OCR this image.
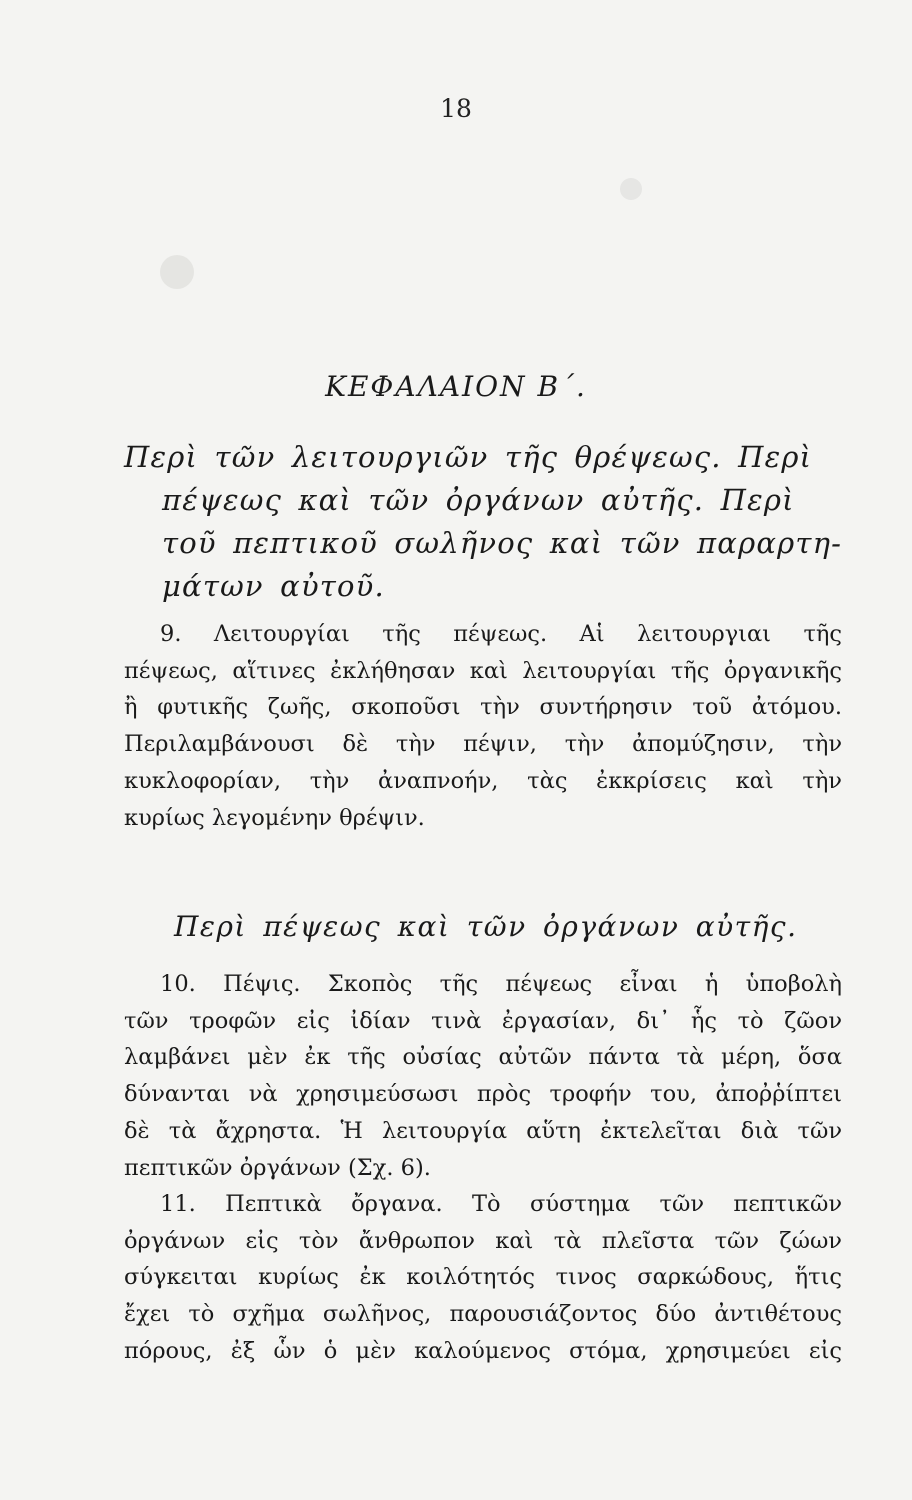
18
ΚΕΦΑΛΑΙΟΝ Β΄.
Περὶ τῶν λειτουργιῶν τῆς θρέψεως. Περὶ
πέψεως καὶ τῶν ὀργάνων αὐτῆς. Περὶ
τοῦ πεπτικοῦ σωλῆνος καὶ τῶν παραρτη-
μάτων αὐτοῦ.
9. Λειτουργίαι τῆς πέψεως. Αἱ λειτουργιαι τῆς
πέψεως, αἵτινες ἐκλήθησαν καὶ λειτουργίαι τῆς ὀργανικῆς
ἢ φυτικῆς ζωῆς, σκοποῦσι τὴν συντήρησιν τοῦ ἀτόμου.
Περιλαμβάνουσι δὲ τὴν πέψιν, τὴν ἀπομύζησιν, τὴν
κυκλοφορίαν, τὴν ἀναπνοήν, τὰς ἐκκρίσεις καὶ τὴν
κυρίως λεγομένην θρέψιν.
Περὶ πέψεως καὶ τῶν ὀργάνων αὐτῆς.
10. Πέψις. Σκοπὸς τῆς πέψεως εἶναι ἡ ὑποβολὴ
τῶν τροφῶν εἰς ἰδίαν τινὰ ἐργασίαν, δι᾽ ἧς τὸ ζῶον
λαμβάνει μὲν ἐκ τῆς οὐσίας αὐτῶν πάντα τὰ μέρη, ὅσα
δύνανται νὰ χρησιμεύσωσι πρὸς τροφήν του, ἀποῤῥίπτει
δὲ τὰ ἄχρηστα. Ἡ λειτουργία αὕτη ἐκτελεῖται διὰ τῶν
πεπτικῶν ὀργάνων (Σχ. 6).
11. Πεπτικὰ ὄργανα. Τὸ σύστημα τῶν πεπτικῶν
ὀργάνων εἰς τὸν ἄνθρωπον καὶ τὰ πλεῖστα τῶν ζώων
σύγκειται κυρίως ἐκ κοιλότητός τινος σαρκώδους, ἥτις
ἔχει τὸ σχῆμα σωλῆνος, παρουσιάζοντος δύο ἀντιθέτους
πόρους, ἐξ ὧν ὁ μὲν καλούμενος στόμα, χρησιμεύει εἰς
